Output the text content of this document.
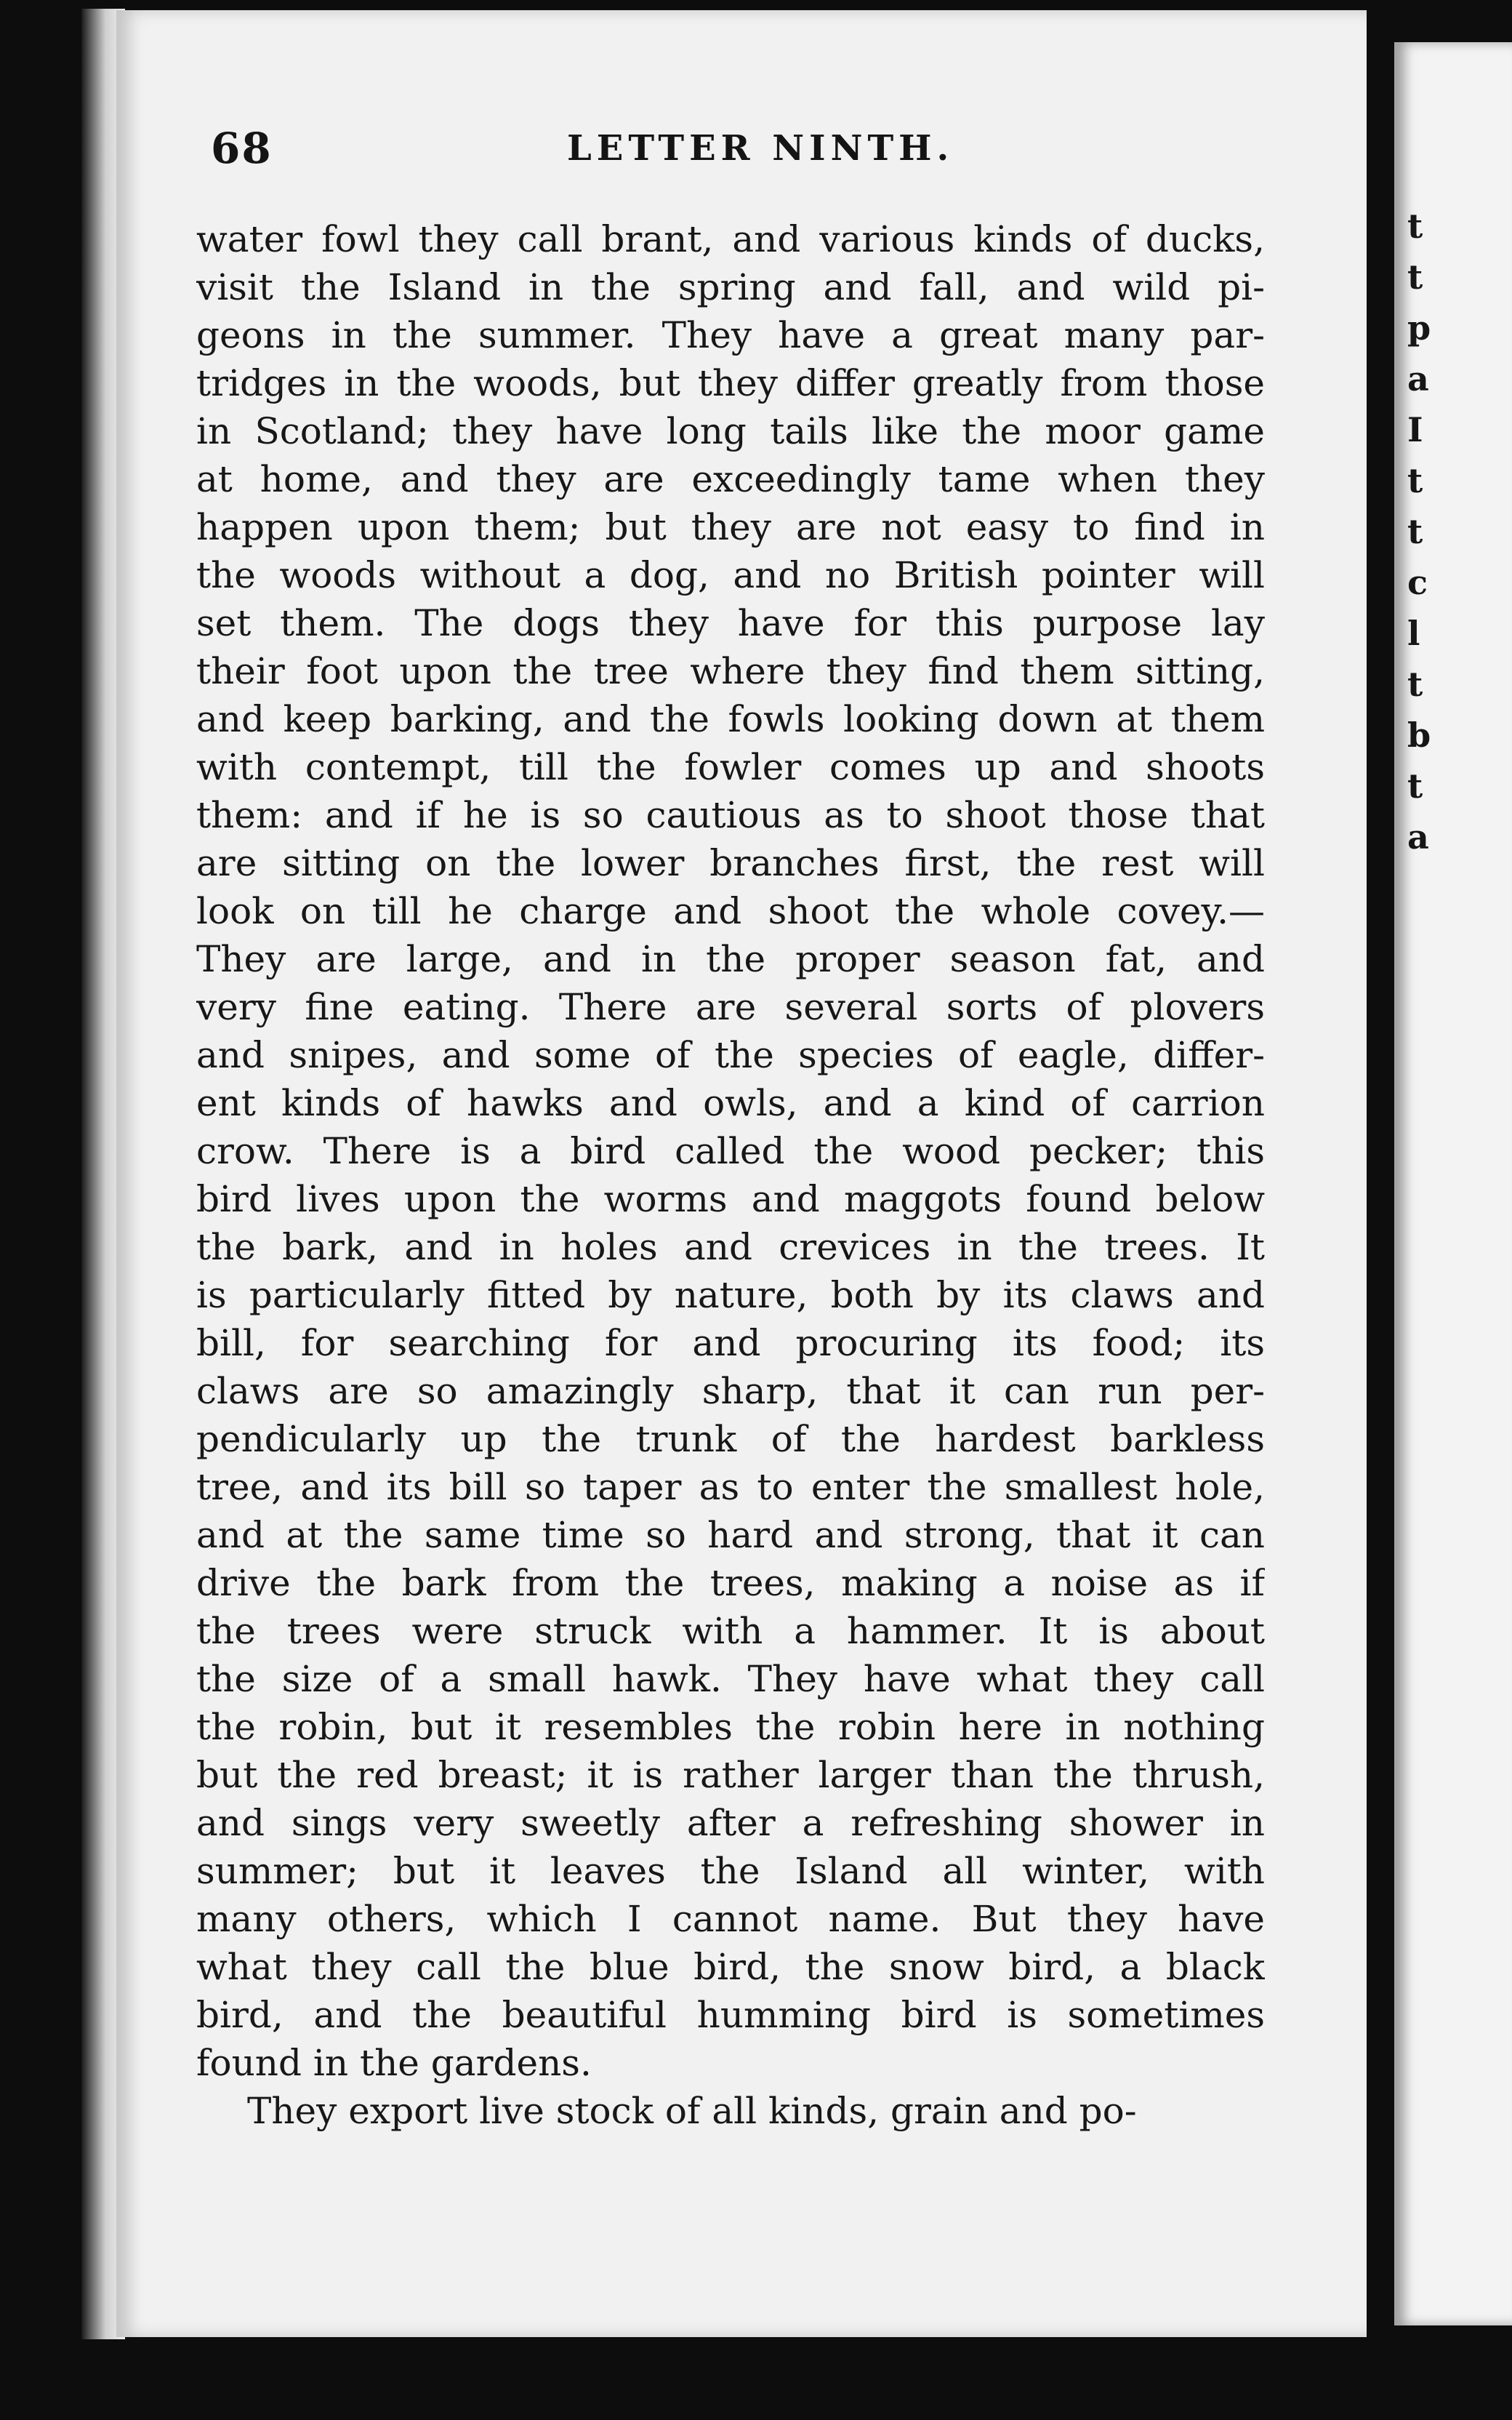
68	LETTER NINTH.
water fowl they call brant, and various kinds of ducks,
visit the Island in the spring and fall, and wild pi-
geons in the summer. They have a great many par-
tridges in the woods, but they differ greatly from those
in Scotland; they have long tails like the moor game
at home, and they are exceedingly tame when they
happen upon them; but they are not easy to find in
the woods without a dog, and no British pointer will
set them. The dogs they have for this purpose lay
their foot upon the tree where they find them sitting,
and keep barking, and the fowls looking down at them
with contempt, till the fowler comes up and shoots
them: and if he is so cautious as to shoot those that
are sitting on the lower branches first, the rest will
look on till he charge and shoot the whole covey.—
They are large, and in the proper season fat, and
very fine eating. There are several sorts of plovers
and snipes, and some of the species of eagle, differ-
ent kinds of hawks and owls, and a kind of carrion
crow. There is a bird called the wood pecker; this
bird lives upon the worms and maggots found below
the bark, and in holes and crevices in the trees. It
is particularly fitted by nature, both by its claws and
bill, for searching for and procuring its food; its
claws are so amazingly sharp, that it can run per-
pendicularly up the trunk of the hardest barkless
tree, and its bill so taper as to enter the smallest hole,
and at the same time so hard and strong, that it can
drive the bark from the trees, making a noise as if
the trees were struck with a hammer. It is about
the size of a small hawk. They have what they call
the robin, but it resembles the robin here in nothing
but the red breast; it is rather larger than the thrush,
and sings very sweetly after a refreshing shower in
summer; but it leaves the Island all winter, with
many others, which I cannot name. But they have
what they call the blue bird, the snow bird, a black
bird, and the beautiful humming bird is sometimes
found in the gardens.
They export live stock of all kinds, grain and po-
t
t
p
a
I
t
t
c
l
t
b
t
a
